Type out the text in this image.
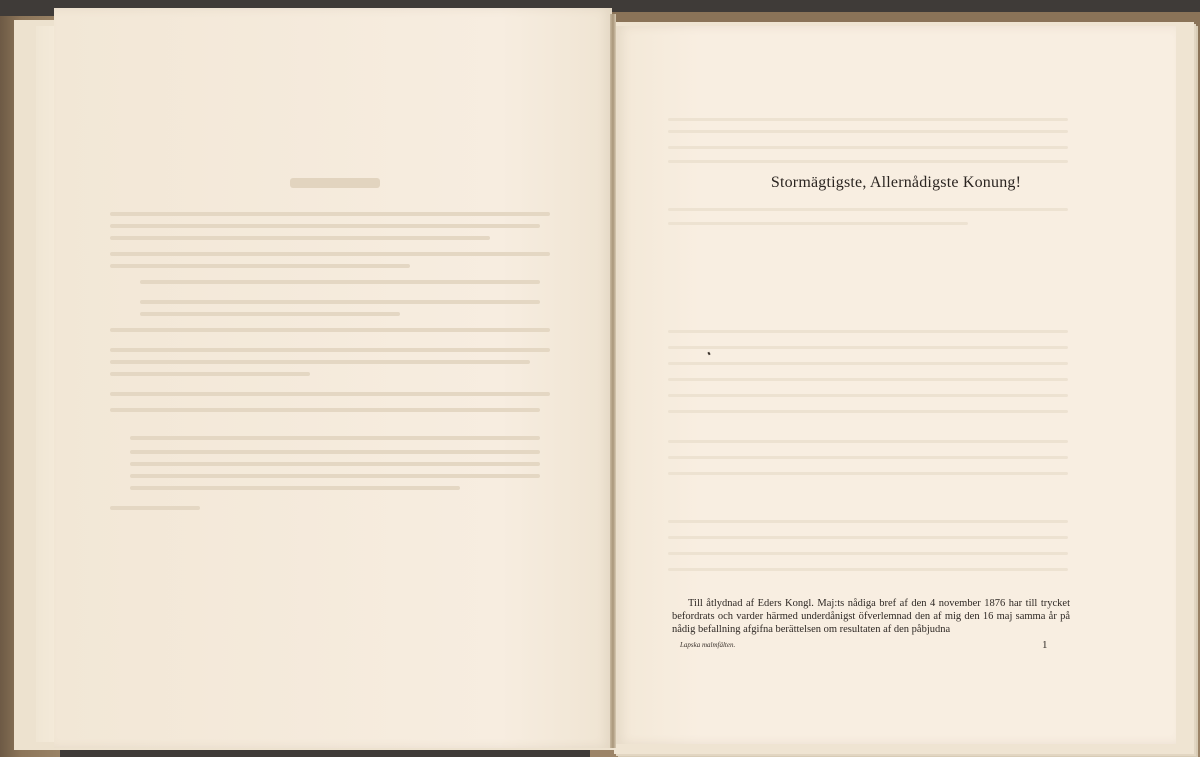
Stormägtigste, Allernådigste Konung!
Till åtlydnad af Eders Kongl. Maj:ts nådiga bref af den 4 november 1876 har till trycket befordrats och varder härmed underdånigst öfverlemnad den af mig den 16 maj samma år på nådig befallning afgifna berättelsen om resultaten af den påbjudna
Lapska malmfälten.	1
